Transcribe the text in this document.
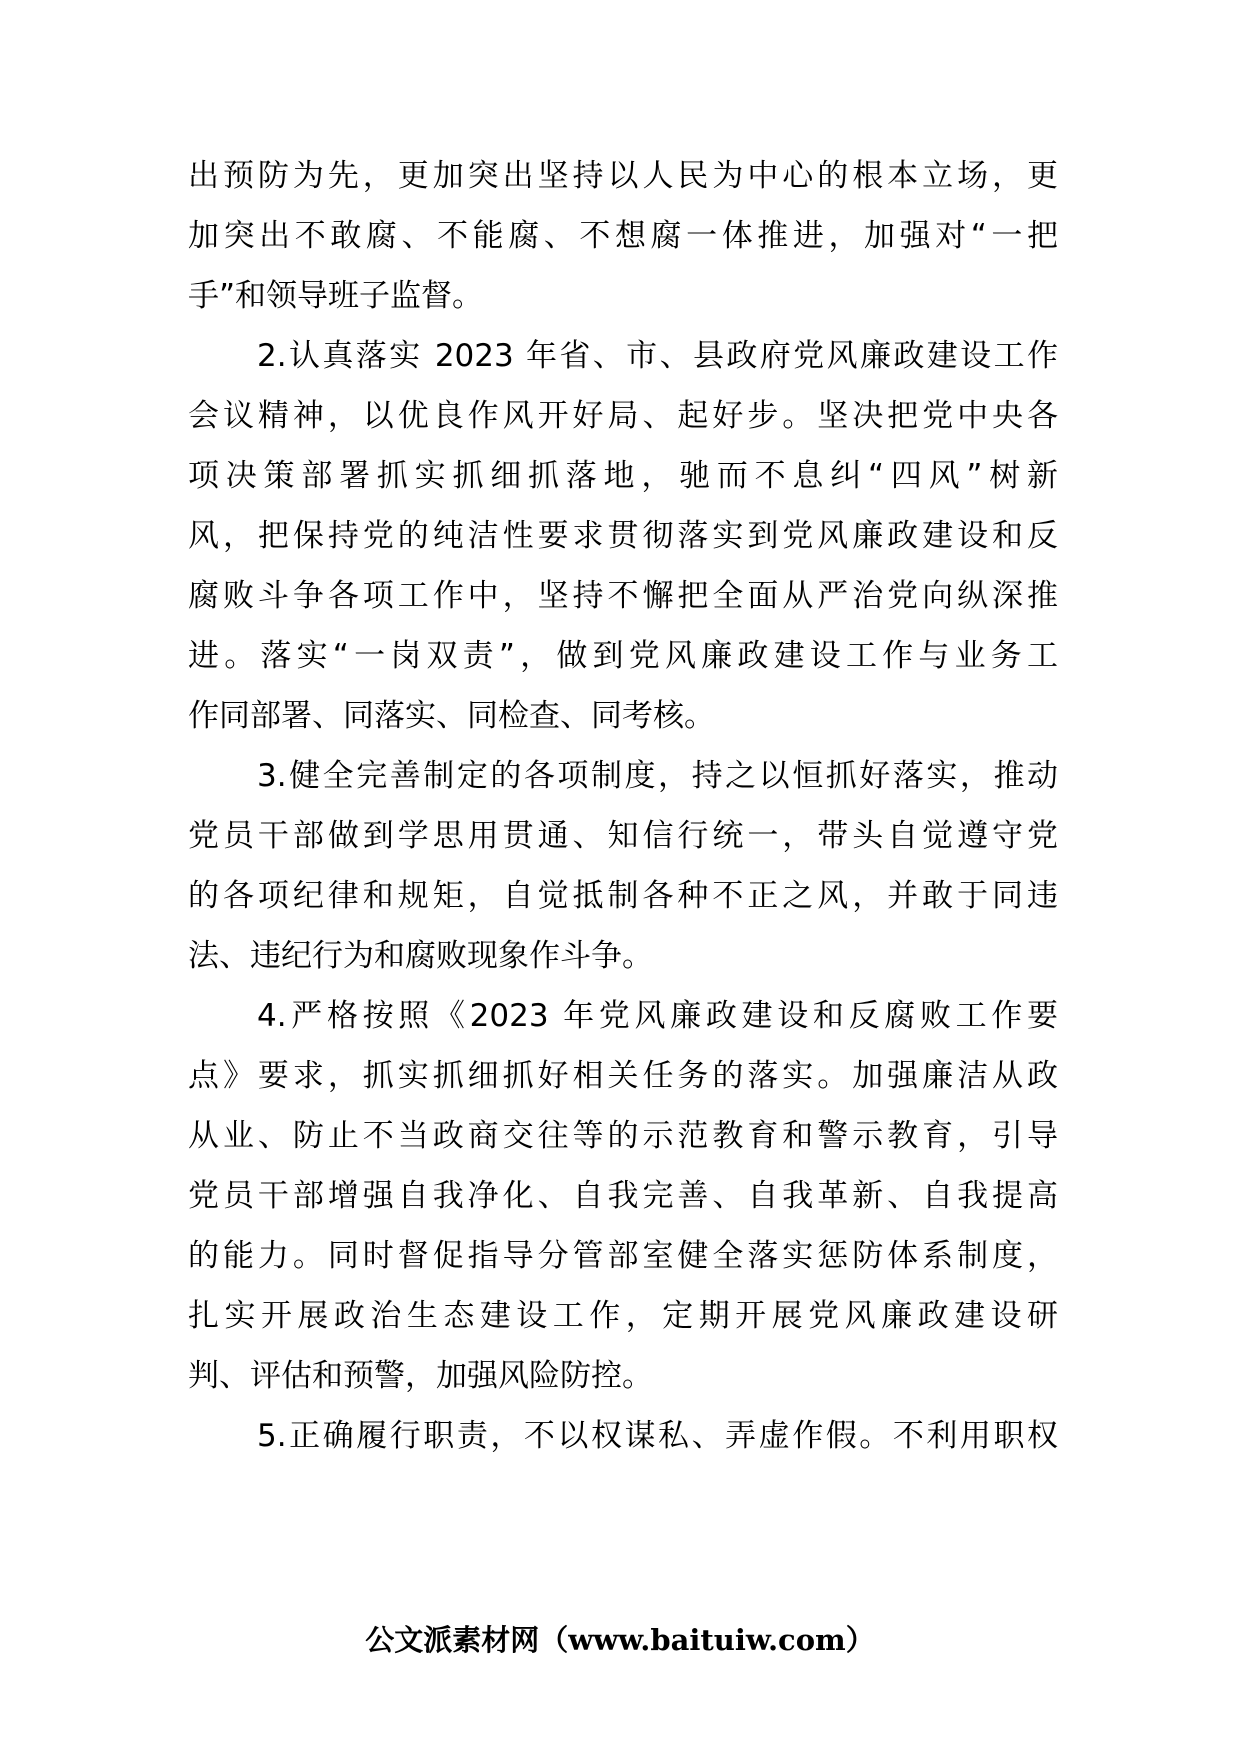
出预防为先，更加突出坚持以人民为中心的根本立场，更
加突出不敢腐、不能腐、不想腐一体推进，加强对“一把
手”和领导班子监督。
2.认真落实 2023 年省、市、县政府党风廉政建设工作
会议精神，以优良作风开好局、起好步。坚决把党中央各
项决策部署抓实抓细抓落地，驰而不息纠“四风”树新
风，把保持党的纯洁性要求贯彻落实到党风廉政建设和反
腐败斗争各项工作中，坚持不懈把全面从严治党向纵深推
进。落实“一岗双责”，做到党风廉政建设工作与业务工
作同部署、同落实、同检查、同考核。
3.健全完善制定的各项制度，持之以恒抓好落实，推动
党员干部做到学思用贯通、知信行统一，带头自觉遵守党
的各项纪律和规矩，自觉抵制各种不正之风，并敢于同违
法、违纪行为和腐败现象作斗争。
4.严格按照《2023 年党风廉政建设和反腐败工作要
点》要求，抓实抓细抓好相关任务的落实。加强廉洁从政
从业、防止不当政商交往等的示范教育和警示教育，引导
党员干部增强自我净化、自我完善、自我革新、自我提高
的能力。同时督促指导分管部室健全落实惩防体系制度，
扎实开展政治生态建设工作，定期开展党风廉政建设研
判、评估和预警，加强风险防控。
5.正确履行职责，不以权谋私、弄虚作假。不利用职权
公文派素材网（www.baituiw.com）
